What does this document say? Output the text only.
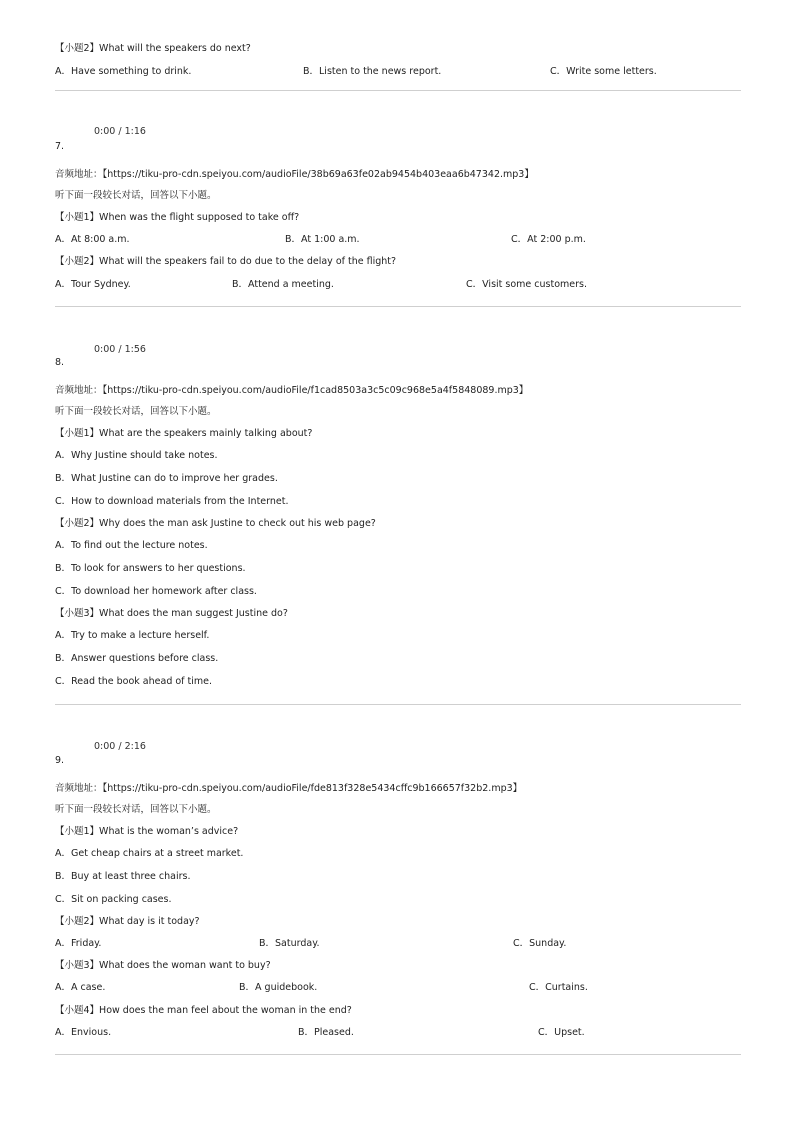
【小题2】What will the speakers do next?
A．Have something to drink.	B．Listen to the news report.	C．Write some letters.
0:00 / 1:16
7.
音频地址：【https://tiku-pro-cdn.speiyou.com/audioFile/38b69a63fe02ab9454b403eaa6b47342.mp3】
听下面一段较长对话，回答以下小题。
【小题1】When was the flight supposed to take off?
A．At 8:00 a.m.	B．At 1:00 a.m.	C．At 2:00 p.m.
【小题2】What will the speakers fail to do due to the delay of the flight?
A．Tour Sydney.	B．Attend a meeting.	C．Visit some customers.
0:00 / 1:56
8.
音频地址：【https://tiku-pro-cdn.speiyou.com/audioFile/f1cad8503a3c5c09c968e5a4f5848089.mp3】
听下面一段较长对话，回答以下小题。
【小题1】What are the speakers mainly talking about?
A．Why Justine should take notes.
B．What Justine can do to improve her grades.
C．How to download materials from the Internet.
【小题2】Why does the man ask Justine to check out his web page?
A．To find out the lecture notes.
B．To look for answers to her questions.
C．To download her homework after class.
【小题3】What does the man suggest Justine do?
A．Try to make a lecture herself.
B．Answer questions before class.
C．Read the book ahead of time.
0:00 / 2:16
9.
音频地址：【https://tiku-pro-cdn.speiyou.com/audioFile/fde813f328e5434cffc9b166657f32b2.mp3】
听下面一段较长对话，回答以下小题。
【小题1】What is the woman’s advice?
A．Get cheap chairs at a street market.
B．Buy at least three chairs.
C．Sit on packing cases.
【小题2】What day is it today?
A．Friday.	B．Saturday.	C．Sunday.
【小题3】What does the woman want to buy?
A．A case.	B．A guidebook.	C．Curtains.
【小题4】How does the man feel about the woman in the end?
A．Envious.	B．Pleased.	C．Upset.
